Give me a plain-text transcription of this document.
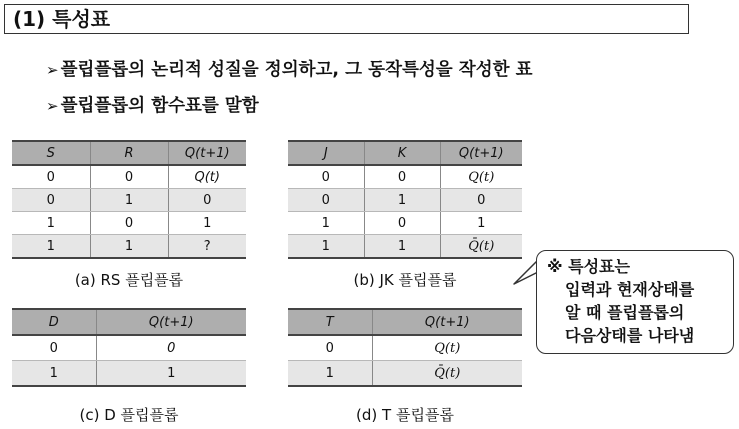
(1) 특성표
➢ 플립플롭의 논리적 성질을 정의하고, 그 동작특성을 작성한 표
➢ 플립플롭의 함수표를 말함
S	R	Q(t+1)
0	0	Q(t)
0	1	0
1	0	1
1	1	?
(a) RS 플립플롭
J	K	Q(t+1)
0	0	Q(t)
0	1	0
1	0	1
1	1	Q̄(t)
(b) JK 플립플롭
D	Q(t+1)
0	0
1	1
(c) D 플립플롭
T	Q(t+1)
0	Q(t)
1	Q̄(t)
(d) T 플립플롭
※ 특성표는
입력과 현재상태를
알 때 플립플롭의
다음상태를 나타냄
